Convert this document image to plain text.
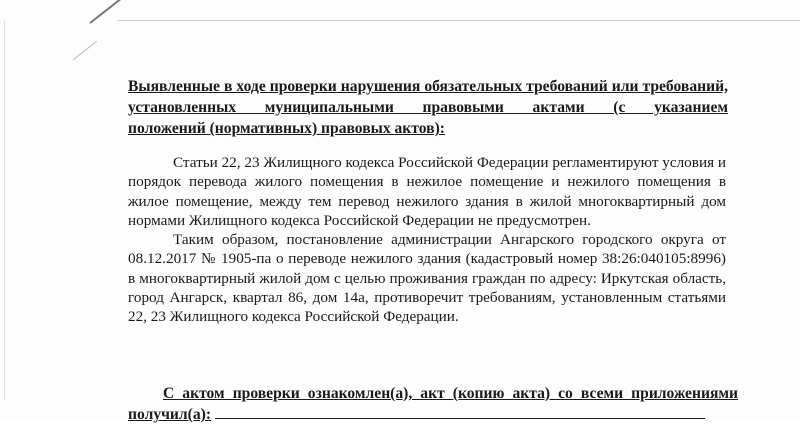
Выявленные в ходе проверки нарушения обязательных требований или требований, установленных муниципальными правовыми актами (с указанием
положений (нормативных) правовых актов):

Статьи 22, 23 Жилищного кодекса Российской Федерации регламентируют условия и порядок перевода жилого помещения в нежилое помещение и нежилого помещения в жилое помещение, между тем перевод нежилого здания в жилой многоквартирный дом нормами Жилищного кодекса Российской Федерации не предусмотрен.

Таким образом, постановление администрации Ангарского городского округа от 08.12.2017 № 1905-па о переводе нежилого здания (кадастровый номер 38:26:040105:8996) в многоквартирный жилой дом с целью проживания граждан по адресу: Иркутская область, город Ангарск, квартал 86, дом 14а, противоречит требованиям, установленным статьями 22, 23 Жилищного кодекса Российской Федерации.

С актом проверки ознакомлен(а), акт (копию акта) со всеми приложениями
получил(а):
